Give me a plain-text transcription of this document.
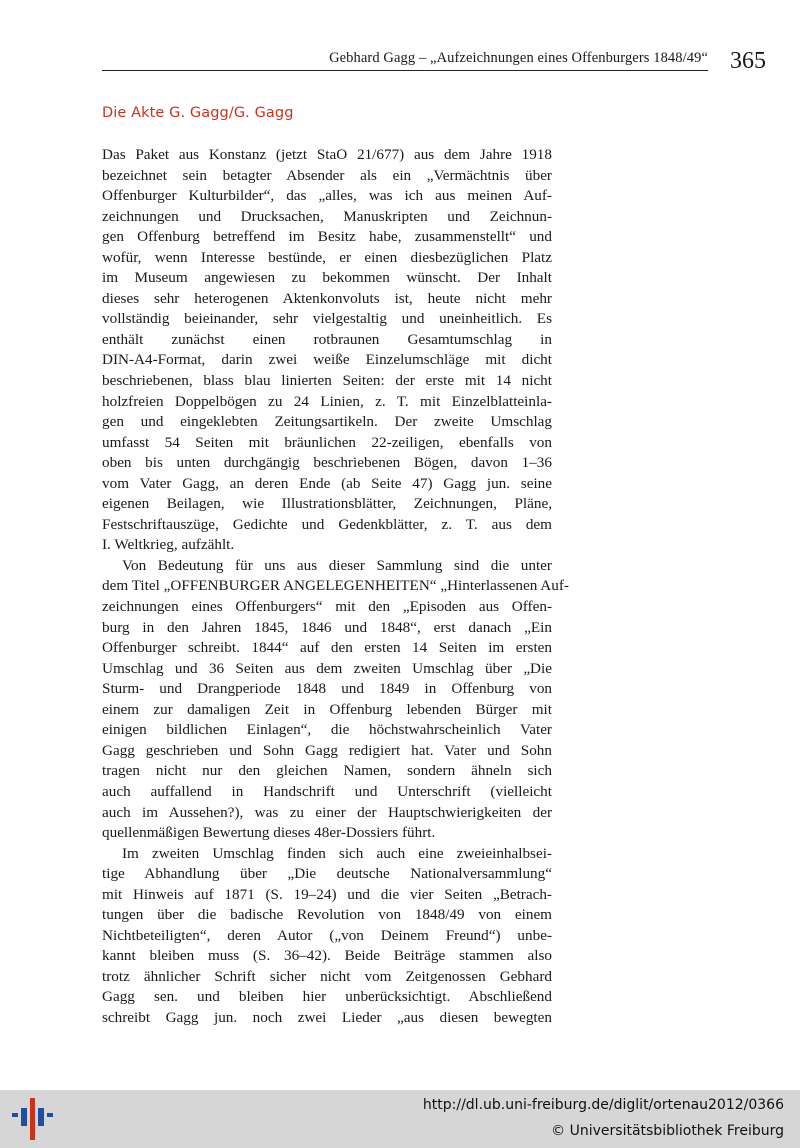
Gebhard Gagg – „Aufzeichnungen eines Offenburgers 1848/49“ 365
Die Akte G. Gagg/G. Gagg

Das Paket aus Konstanz (jetzt StaO 21/677) aus dem Jahre 1918
bezeichnet sein betagter Absender als ein „Vermächtnis über
Offenburger Kulturbilder“, das „alles, was ich aus meinen Auf-
zeichnungen und Drucksachen, Manuskripten und Zeichnun-
gen Offenburg betreffend im Besitz habe, zusammenstellt“ und
wofür, wenn Interesse bestünde, er einen diesbezüglichen Platz
im Museum angewiesen zu bekommen wünscht. Der Inhalt
dieses sehr heterogenen Aktenkonvoluts ist, heute nicht mehr
vollständig beieinander, sehr vielgestaltig und uneinheitlich. Es
enthält zunächst einen rotbraunen Gesamtumschlag in
DIN-A4-Format, darin zwei weiße Einzelumschläge mit dicht
beschriebenen, blass blau linierten Seiten: der erste mit 14 nicht
holzfreien Doppelbögen zu 24 Linien, z. T. mit Einzelblatteinla-
gen und eingeklebten Zeitungsartikeln. Der zweite Umschlag
umfasst 54 Seiten mit bräunlichen 22-zeiligen, ebenfalls von
oben bis unten durchgängig beschriebenen Bögen, davon 1–36
vom Vater Gagg, an deren Ende (ab Seite 47) Gagg jun. seine
eigenen Beilagen, wie Illustrationsblätter, Zeichnungen, Pläne,
Festschriftauszüge, Gedichte und Gedenkblätter, z. T. aus dem
I. Weltkrieg, aufzählt.

Von Bedeutung für uns aus dieser Sammlung sind die unter
dem Titel „OFFENBURGER ANGELEGENHEITEN“ „Hinterlassenen Auf-
zeichnungen eines Offenburgers“ mit den „Episoden aus Offen-
burg in den Jahren 1845, 1846 und 1848“, erst danach „Ein
Offenburger schreibt. 1844“ auf den ersten 14 Seiten im ersten
Umschlag und 36 Seiten aus dem zweiten Umschlag über „Die
Sturm- und Drangperiode 1848 und 1849 in Offenburg von
einem zur damaligen Zeit in Offenburg lebenden Bürger mit
einigen bildlichen Einlagen“, die höchstwahrscheinlich Vater
Gagg geschrieben und Sohn Gagg redigiert hat. Vater und Sohn
tragen nicht nur den gleichen Namen, sondern ähneln sich
auch auffallend in Handschrift und Unterschrift (vielleicht
auch im Aussehen?), was zu einer der Hauptschwierigkeiten der
quellenmäßigen Bewertung dieses 48er-Dossiers führt.

Im zweiten Umschlag finden sich auch eine zweieinhalbsei-
tige Abhandlung über „Die deutsche Nationalversammlung“
mit Hinweis auf 1871 (S. 19–24) und die vier Seiten „Betrach-
tungen über die badische Revolution von 1848/49 von einem
Nichtbeteiligten“, deren Autor („von Deinem Freund“) unbe-
kannt bleiben muss (S. 36–42). Beide Beiträge stammen also
trotz ähnlicher Schrift sicher nicht vom Zeitgenossen Gebhard
Gagg sen. und bleiben hier unberücksichtigt. Abschließend
schreibt Gagg jun. noch zwei Lieder „aus diesen bewegten

http://dl.ub.uni-freiburg.de/diglit/ortenau2012/0366
© Universitätsbibliothek Freiburg
